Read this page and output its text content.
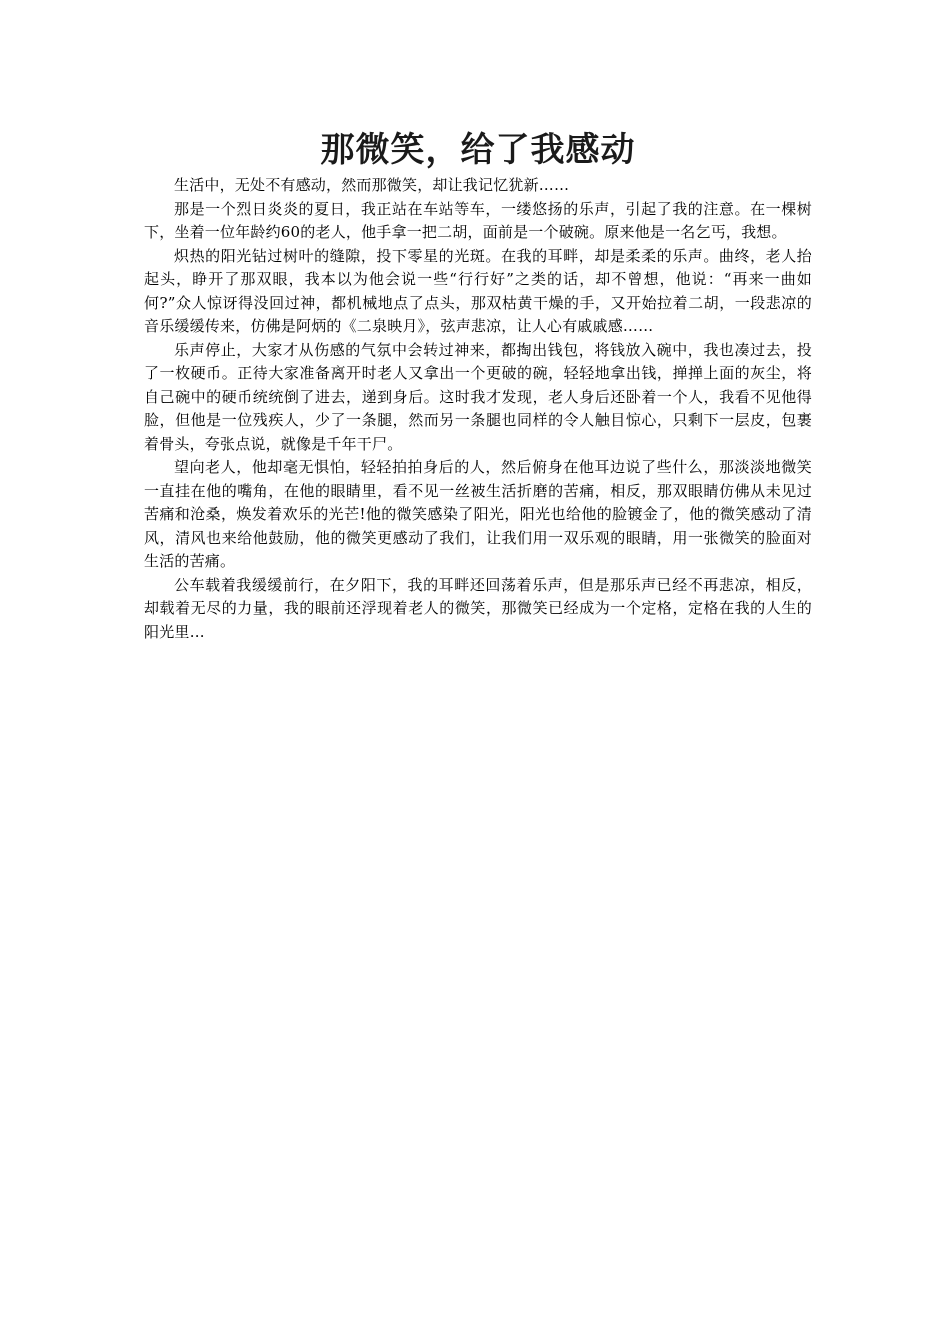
那微笑，给了我感动

生活中，无处不有感动，然而那微笑，却让我记忆犹新……

那是一个烈日炎炎的夏日，我正站在车站等车，一缕悠扬的乐声，引起了我的注意。在一棵树下，坐着一位年龄约60的老人，他手拿一把二胡，面前是一个破碗。原来他是一名乞丐，我想。

炽热的阳光钻过树叶的缝隙，投下零星的光斑。在我的耳畔，却是柔柔的乐声。曲终，老人抬起头，睁开了那双眼，我本以为他会说一些“行行好”之类的话，却不曾想，他说：“再来一曲如何?”众人惊讶得没回过神，都机械地点了点头，那双枯黄干燥的手，又开始拉着二胡，一段悲凉的音乐缓缓传来，仿佛是阿炳的《二泉映月》，弦声悲凉，让人心有戚戚感……

乐声停止，大家才从伤感的气氛中会转过神来，都掏出钱包，将钱放入碗中，我也凑过去，投了一枚硬币。正待大家准备离开时老人又拿出一个更破的碗，轻轻地拿出钱，掸掸上面的灰尘，将自己碗中的硬币统统倒了进去，递到身后。这时我才发现，老人身后还卧着一个人，我看不见他得脸，但他是一位残疾人，少了一条腿，然而另一条腿也同样的令人触目惊心，只剩下一层皮，包裹着骨头，夸张点说，就像是千年干尸。

望向老人，他却毫无惧怕，轻轻拍拍身后的人，然后俯身在他耳边说了些什么，那淡淡地微笑一直挂在他的嘴角，在他的眼睛里，看不见一丝被生活折磨的苦痛，相反，那双眼睛仿佛从未见过苦痛和沧桑，焕发着欢乐的光芒!他的微笑感染了阳光，阳光也给他的脸镀金了，他的微笑感动了清风，清风也来给他鼓励，他的微笑更感动了我们，让我们用一双乐观的眼睛，用一张微笑的脸面对生活的苦痛。

公车载着我缓缓前行，在夕阳下，我的耳畔还回荡着乐声，但是那乐声已经不再悲凉，相反，却载着无尽的力量，我的眼前还浮现着老人的微笑，那微笑已经成为一个定格，定格在我的人生的阳光里…
